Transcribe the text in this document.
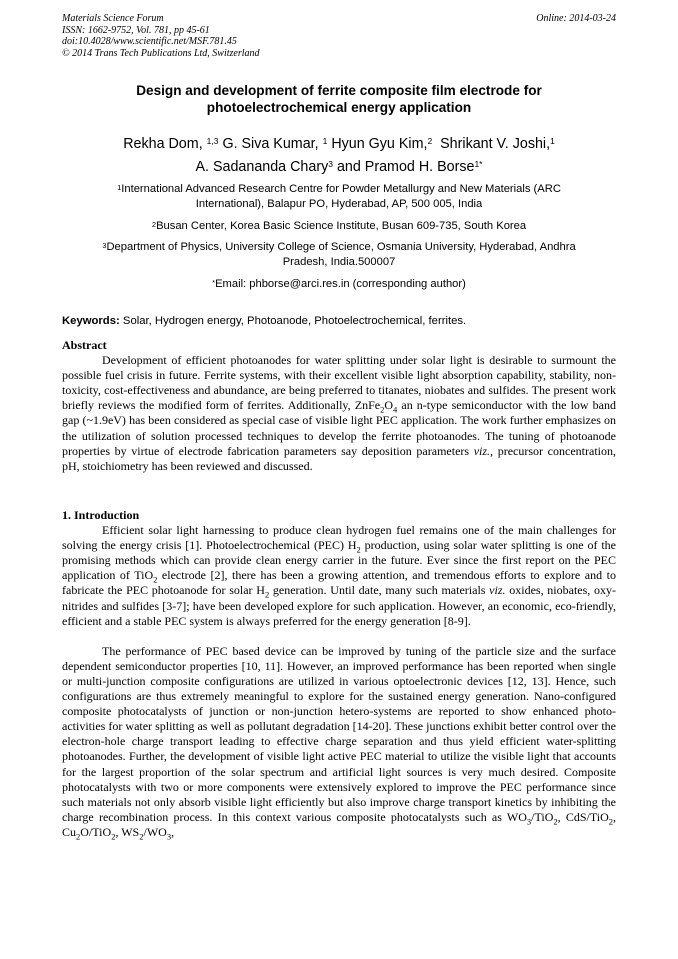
Materials Science Forum
ISSN: 1662-9752, Vol. 781, pp 45-61
doi:10.4028/www.scientific.net/MSF.781.45
© 2014 Trans Tech Publications Ltd, Switzerland
Online: 2014-03-24
Design and development of ferrite composite film electrode for
photoelectrochemical energy application
Rekha Dom, $^{1,3}$ G. Siva Kumar, $^1$ Hyun Gyu Kim,$^2$ Shrikant V. Joshi,$^1$
A. Sadananda Chary$^3$ and Pramod H. Borse$^{1*}$
$^1$International Advanced Research Centre for Powder Metallurgy and New Materials (ARC
International), Balapur PO, Hyderabad, AP, 500 005, India
$^2$Busan Center, Korea Basic Science Institute, Busan 609-735, South Korea
$^3$Department of Physics, University College of Science, Osmania University, Hyderabad, Andhra
Pradesh, India.500007
*Email: phborse@arci.res.in (corresponding author)
Keywords: Solar, Hydrogen energy, Photoanode, Photoelectrochemical, ferrites.
Abstract

Development of efficient photoanodes for water splitting under solar light is desirable to surmount the possible fuel crisis in future. Ferrite systems, with their excellent visible light absorption capability, stability, non-toxicity, cost-effectiveness and abundance, are being preferred to titanates, niobates and sulfides. The present work briefly reviews the modified form of ferrites. Additionally, $ZnFe_2O_4$ an n-type semiconductor with the low band gap (~1.9eV) has been considered as special case of visible light PEC application. The work further emphasizes on the utilization of solution processed techniques to develop the ferrite photoanodes. The tuning of photoanode properties by virtue of electrode fabrication parameters say deposition parameters viz., precursor concentration, pH, stoichiometry has been reviewed and discussed.

1. Introduction

Efficient solar light harnessing to produce clean hydrogen fuel remains one of the main challenges for solving the energy crisis [1]. Photoelectrochemical (PEC) $H_2$ production, using solar water splitting is one of the promising methods which can provide clean energy carrier in the future. Ever since the first report on the PEC application of TiO$_2$ electrode [2], there has been a growing attention, and tremendous efforts to explore and to fabricate the PEC photoanode for solar $H_2$ generation. Until date, many such materials viz. oxides, niobates, oxy-nitrides and sulfides [3-7]; have been developed explore for such application. However, an economic, eco-friendly, efficient and a stable PEC system is always preferred for the energy generation [8-9].

The performance of PEC based device can be improved by tuning of the particle size and the surface dependent semiconductor properties [10, 11]. However, an improved performance has been reported when single or multi-junction composite configurations are utilized in various optoelectronic devices [12, 13]. Hence, such configurations are thus extremely meaningful to explore for the sustained energy generation. Nano-configured composite photocatalysts of junction or non-junction hetero-systems are reported to show enhanced photo-activities for water splitting as well as pollutant degradation [14-20]. These junctions exhibit better control over the electron-hole charge transport leading to effective charge separation and thus yield efficient water-splitting photoanodes. Further, the development of visible light active PEC material to utilize the visible light that accounts for the largest proportion of the solar spectrum and artificial light sources is very much desired. Composite photocatalysts with two or more components were extensively explored to improve the PEC performance since such materials not only absorb visible light efficiently but also improve charge transport kinetics by inhibiting the charge recombination process. In this context various composite photocatalysts such as $WO_3/TiO_2$, CdS/TiO$_2$, $Cu_2O/TiO_2$, $WS_2/WO_3$,
